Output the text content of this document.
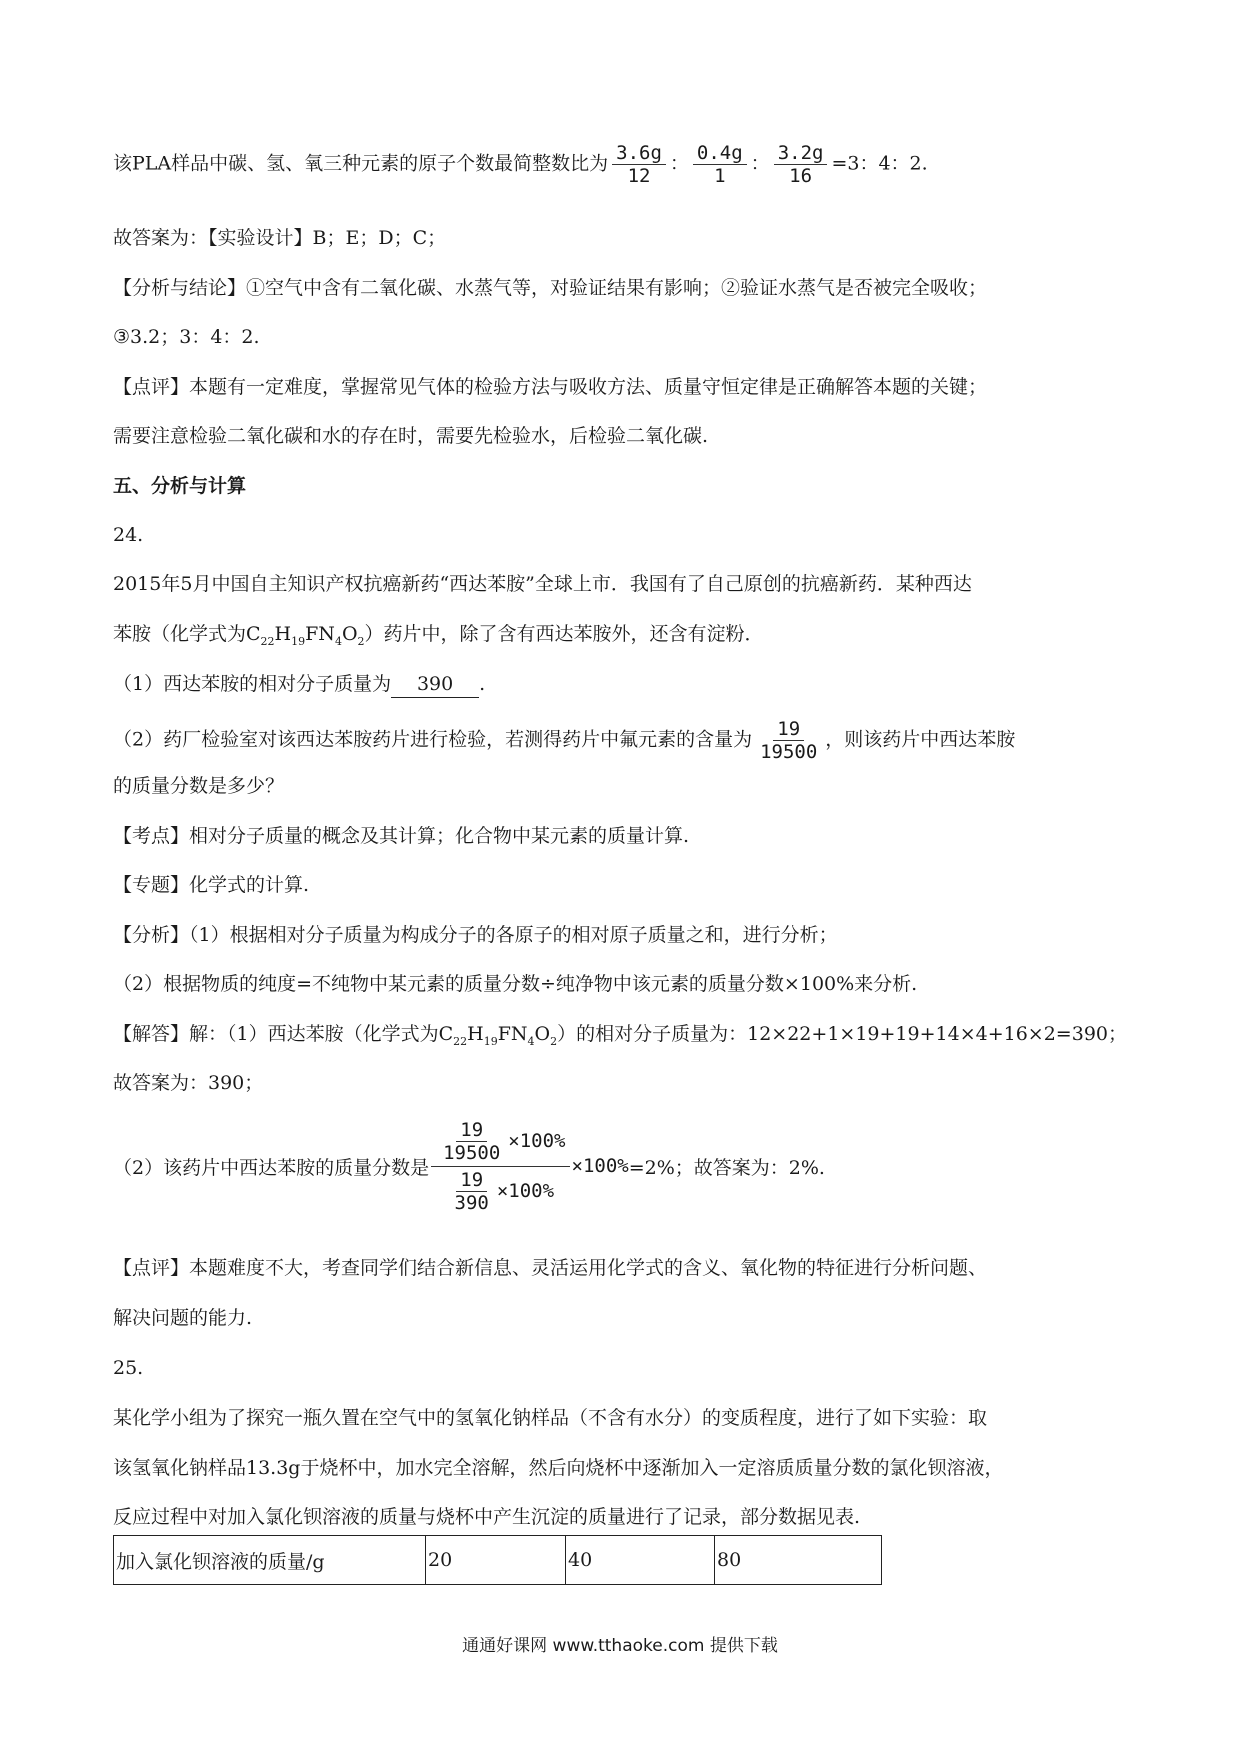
该PLA样品中碳、氢、氧三种元素的原子个数最简整数比为 $\frac{3.6g}{12}$ ： $\frac{0.4g}{1}$ ： $\frac{3.2g}{16} =3$：4：2.
故答案为：【实验设计】B；E；D；C；
【分析与结论】①空气中含有二氧化碳、水蒸气等，对验证结果有影响；②验证水蒸气是否被完全吸收；
③3.2；3：4：2.
【点评】本题有一定难度，掌握常见气体的检验方法与吸收方法、质量守恒定律是正确解答本题的关键；
需要注意检验二氧化碳和水的存在时，需要先检验水，后检验二氧化碳.
五、分析与计算
24.
2015年5月中国自主知识产权抗癌新药“西达苯胺”全球上市．我国有了自己原创的抗癌新药．某种西达
苯胺（化学式为$C_{22}H_{19}FN_4O_2$）药片中，除了含有西达苯胺外，还含有淀粉．
（1）西达苯胺的相对分子质量为 390 .
（2）药厂检验室对该西达苯胺药片进行检验，若测得药片中氟元素的含量为 $\frac{19}{19500}$ ，则该药片中西达苯胺
的质量分数是多少？
【考点】相对分子质量的概念及其计算；化合物中某元素的质量计算.
【专题】化学式的计算.
【分析】（1）根据相对分子质量为构成分子的各原子的相对原子质量之和，进行分析；
（2）根据物质的纯度=不纯物中某元素的质量分数÷纯净物中该元素的质量分数×100%来分析.
【解答】解：（1）西达苯胺（化学式为$C_{22}H_{19}FN_4O_2$）的相对分子质量为：12×22+1×19+19+14×4+16×2=390；
故答案为：390；
（2）该药片中西达苯胺的质量分数是 $\frac{\frac{19}{19500} \times 100\%}{\frac{19}{390} \times 100\%} \times 100\% =2\%$；故答案为：2%.
【点评】本题难度不大，考查同学们结合新信息、灵活运用化学式的含义、氧化物的特征进行分析问题、
解决问题的能力.
25.
某化学小组为了探究一瓶久置在空气中的氢氧化钠样品（不含有水分）的变质程度，进行了如下实验：取
该氢氧化钠样品13.3g于烧杯中，加水完全溶解，然后向烧杯中逐渐加入一定溶质质量分数的氯化钡溶液，
反应过程中对加入氯化钡溶液的质量与烧杯中产生沉淀的质量进行了记录，部分数据见表.
加入氯化钡溶液的质量/g	20	40	80
通通好课网 www.tthaoke.com 提供下载
